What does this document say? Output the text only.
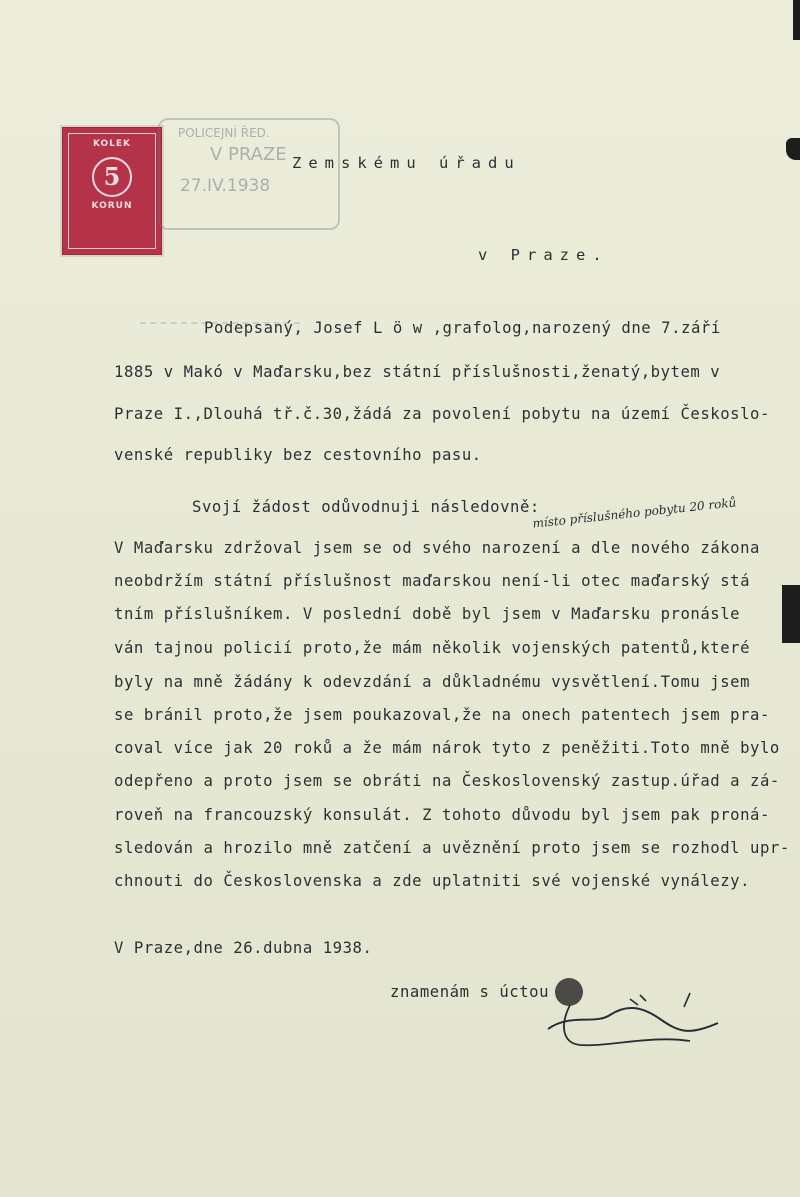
KOLEK
5
KORUN
POLICEJNÍ ŘED.
V PRAZE
27.IV.1938
Zemskému úřadu
v Praze.
Podepsaný, Josef L ö w ,grafolog,narozený dne 7.září
1885 v Makó v Maďarsku,bez státní příslušnosti,ženatý,bytem v
Praze I.,Dlouhá tř.č.30,žádá za povolení pobytu na území Českoslo-
venské republiky bez cestovního pasu.
Svojí žádost odůvodnuji následovně:
místo příslušného pobytu 20 roků
V Maďarsku zdržoval jsem se od svého narození a dle nového zákona
neobdržím státní příslušnost maďarskou není-li otec maďarský stá
tním příslušníkem. V poslední době byl jsem v Maďarsku pronásle
ván tajnou policií proto,že mám několik vojenských patentů,které
byly na mně žádány k odevzdání a důkladnému vysvětlení.Tomu jsem
se bránil proto,že jsem poukazoval,že na onech patentech jsem pra-
coval více jak 20 roků a že mám nárok tyto z peněžiti.Toto mně bylo
odepřeno a proto jsem se obráti na Československý zastup.úřad a zá-
roveň na francouzský konsulát. Z tohoto důvodu byl jsem pak proná-
sledován a hrozilo mně zatčení a uvěznění proto jsem se rozhodl upr-
chnouti do Československa a zde uplatniti své vojenské vynálezy.
V Praze,dne 26.dubna 1938.
znamenám s úctou
